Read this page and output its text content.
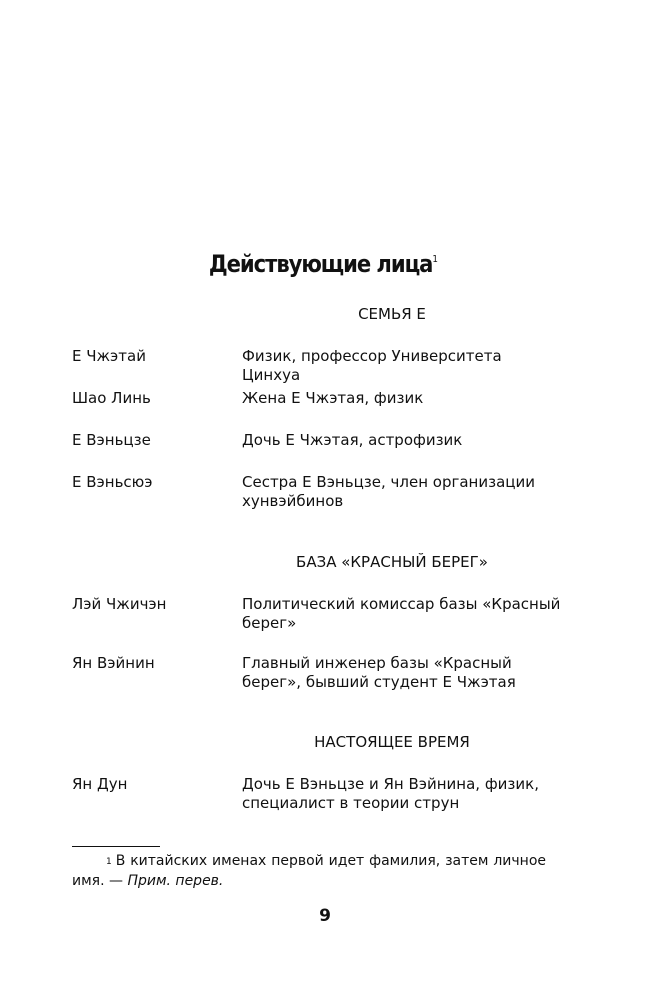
Действующие лица$^1$
СЕМЬЯ Е
Е Чжэтай	Физик, профессор Университета Цинхуа
Шао Линь	Жена Е Чжэтая, физик
Е Вэньцзе	Дочь Е Чжэтая, астрофизик
Е Вэньсюэ	Сестра Е Вэньцзе, член организации хунвэйбинов
БАЗА «КРАСНЫЙ БЕРЕГ»
Лэй Чжичэн	Политический комиссар базы «Красный берег»
Ян Вэйнин	Главный инженер базы «Красный берег», бывший студент Е Чжэтая
НАСТОЯЩЕЕ ВРЕМЯ
Ян Дун	Дочь Е Вэньцзе и Ян Вэйнина, физик, специалист в теории струн
$^1$ В китайских именах первой идет фамилия, затем личное имя. — Прим. перев.
9
